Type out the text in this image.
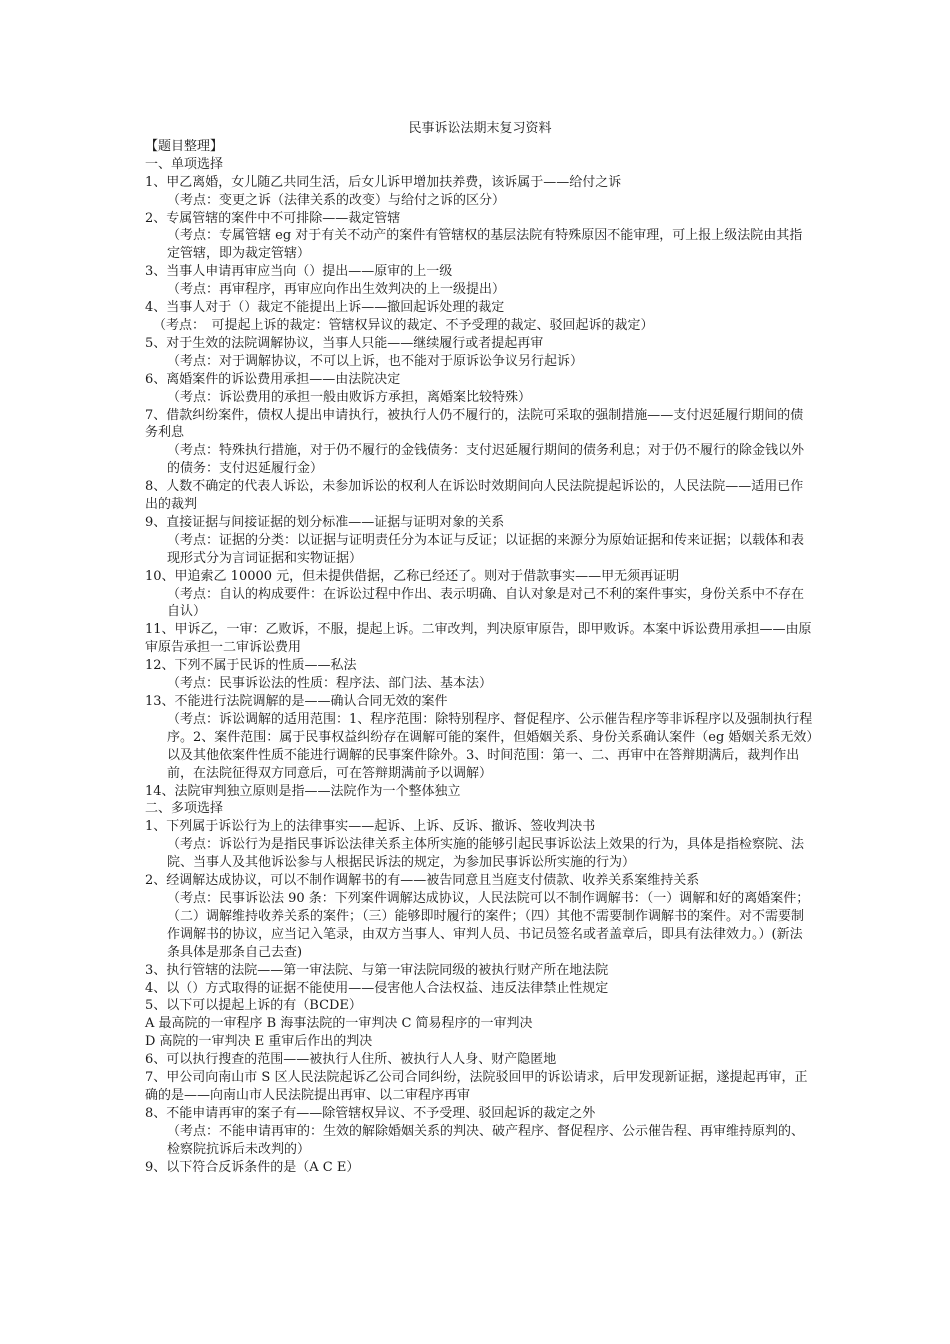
民事诉讼法期末复习资料

【题目整理】

一、单项选择

1、甲乙离婚，女儿随乙共同生活，后女儿诉甲增加扶养费，该诉属于——给付之诉

（考点：变更之诉（法律关系的改变）与给付之诉的区分）

2、专属管辖的案件中不可排除——裁定管辖

（考点：专属管辖 eg 对于有关不动产的案件有管辖权的基层法院有特殊原因不能审理，可上报上级法院由其指定管辖，即为裁定管辖）

3、当事人申请再审应当向（）提出——原审的上一级

（考点：再审程序，再审应向作出生效判决的上一级提出）

4、当事人对于（）裁定不能提出上诉——撤回起诉处理的裁定

（考点：　可提起上诉的裁定：管辖权异议的裁定、不予受理的裁定、驳回起诉的裁定）

5、对于生效的法院调解协议，当事人只能——继续履行或者提起再审

（考点：对于调解协议，不可以上诉，也不能对于原诉讼争议另行起诉）

6、离婚案件的诉讼费用承担——由法院决定

（考点：诉讼费用的承担一般由败诉方承担，离婚案比较特殊）

7、借款纠纷案件，债权人提出申请执行，被执行人仍不履行的，法院可采取的强制措施——支付迟延履行期间的债务利息

（考点：特殊执行措施，对于仍不履行的金钱债务：支付迟延履行期间的债务利息；对于仍不履行的除金钱以外的债务：支付迟延履行金）

8、人数不确定的代表人诉讼，未参加诉讼的权利人在诉讼时效期间向人民法院提起诉讼的，人民法院——适用已作出的裁判

9、直接证据与间接证据的划分标准——证据与证明对象的关系

（考点：证据的分类：以证据与证明责任分为本证与反证；以证据的来源分为原始证据和传来证据；以载体和表现形式分为言词证据和实物证据）

10、甲追索乙 10000 元，但未提供借据，乙称已经还了。则对于借款事实——甲无须再证明

（考点：自认的构成要件：在诉讼过程中作出、表示明确、自认对象是对己不利的案件事实，身份关系中不存在自认）

11、甲诉乙，一审：乙败诉，不服，提起上诉。二审改判，判决原审原告，即甲败诉。本案中诉讼费用承担——由原审原告承担一二审诉讼费用

12、下列不属于民诉的性质——私法

（考点：民事诉讼法的性质：程序法、部门法、基本法）

13、不能进行法院调解的是——确认合同无效的案件

（考点：诉讼调解的适用范围：1、程序范围：除特别程序、督促程序、公示催告程序等非诉程序以及强制执行程序。2、案件范围：属于民事权益纠纷存在调解可能的案件，但婚姻关系、身份关系确认案件（eg 婚姻关系无效）以及其他依案件性质不能进行调解的民事案件除外。3、时间范围：第一、二、再审中在答辩期满后，裁判作出前，在法院征得双方同意后，可在答辩期满前予以调解）

14、法院审判独立原则是指——法院作为一个整体独立

二、多项选择

1、下列属于诉讼行为上的法律事实——起诉、上诉、反诉、撤诉、签收判决书

（考点：诉讼行为是指民事诉讼法律关系主体所实施的能够引起民事诉讼法上效果的行为，具体是指检察院、法院、当事人及其他诉讼参与人根据民诉法的规定，为参加民事诉讼所实施的行为）

2、经调解达成协议，可以不制作调解书的有——被告同意且当庭支付债款、收养关系案维持关系

（考点：民事诉讼法 90 条：下列案件调解达成协议，人民法院可以不制作调解书：（一）调解和好的离婚案件；（二）调解维持收养关系的案件；（三）能够即时履行的案件；（四）其他不需要制作调解书的案件。对不需要制作调解书的协议，应当记入笔录，由双方当事人、审判人员、书记员签名或者盖章后，即具有法律效力。）(新法条具体是那条自己去查)

3、执行管辖的法院——第一审法院、与第一审法院同级的被执行财产所在地法院

4、以（）方式取得的证据不能使用——侵害他人合法权益、违反法律禁止性规定

5、以下可以提起上诉的有（BCDE）

A 最高院的一审程序 B 海事法院的一审判决 C 简易程序的一审判决

D 高院的一审判决 E 重审后作出的判决

6、可以执行搜查的范围——被执行人住所、被执行人人身、财产隐匿地

7、甲公司向南山市 S 区人民法院起诉乙公司合同纠纷，法院驳回甲的诉讼请求，后甲发现新证据，遂提起再审，正确的是——向南山市人民法院提出再审、以二审程序再审

8、不能申请再审的案子有——除管辖权异议、不予受理、驳回起诉的裁定之外

（考点：不能申请再审的：生效的解除婚姻关系的判决、破产程序、督促程序、公示催告程、再审维持原判的、检察院抗诉后未改判的）

9、以下符合反诉条件的是（A C E）
